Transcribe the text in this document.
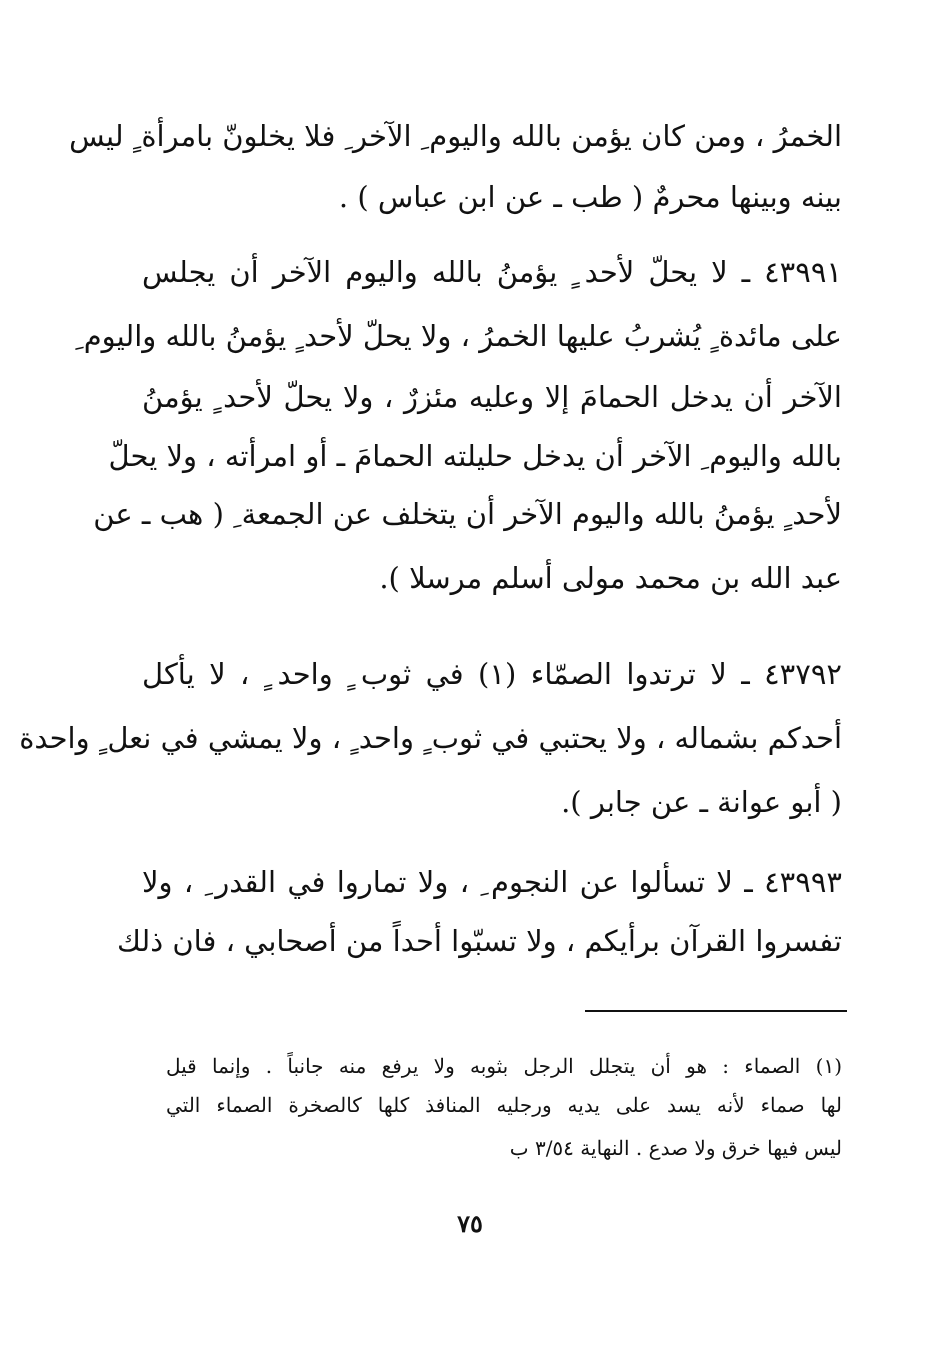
الخمرُ ، ومن كان يؤمن بالله واليوم ِ الآخر ِ فلا يخلونّ بامرأة ٍ ليس
بينه وبينها محرمٌ ( طب ـ عن ابن عباس ) .
٤٣٩٩١ ـ لا يحلّ لأحد ٍ يؤمنُ بالله واليوم الآخر أن يجلس
على مائدة ٍ يُشربُ عليها الخمرُ ، ولا يحلّ لأحد ٍ يؤمنُ بالله واليوم ِ
الآخر أن يدخل الحمامَ إلا وعليه مئزرٌ ، ولا يحلّ لأحد ٍ يؤمنُ
بالله واليوم ِ الآخر أن يدخل حليلته الحمامَ ـ أو امرأته ، ولا يحلّ
لأحد ٍ يؤمنُ بالله واليوم الآخر أن يتخلف عن الجمعة ِ ( هب ـ عن
عبد الله بن محمد مولى أسلم مرسلا ).
٤٣٧٩٢ ـ لا ترتدوا الصمّاء (١) في ثوب ٍ واحد ٍ ، لا يأكل
أحدكم بشماله ، ولا يحتبي في ثوب ٍ واحد ٍ ، ولا يمشي في نعل ٍ واحدة
( أبو عوانة ـ عن جابر ).
٤٣٩٩٣ ـ لا تسألوا عن النجوم ِ ، ولا تماروا في القدر ِ ، ولا
تفسروا القرآن برأيكم ، ولا تسبّوا أحداً من أصحابي ، فان ذلك
(١) الصماء : هو أن يتجلل الرجل بثوبه ولا يرفع منه جانباً . وإنما قيل
لها صماء لأنه يسد على يديه ورجليه المنافذ كلها كالصخرة الصماء التي
ليس فيها خرق ولا صدع . النهاية ٣/٥٤ ب
٧٥
